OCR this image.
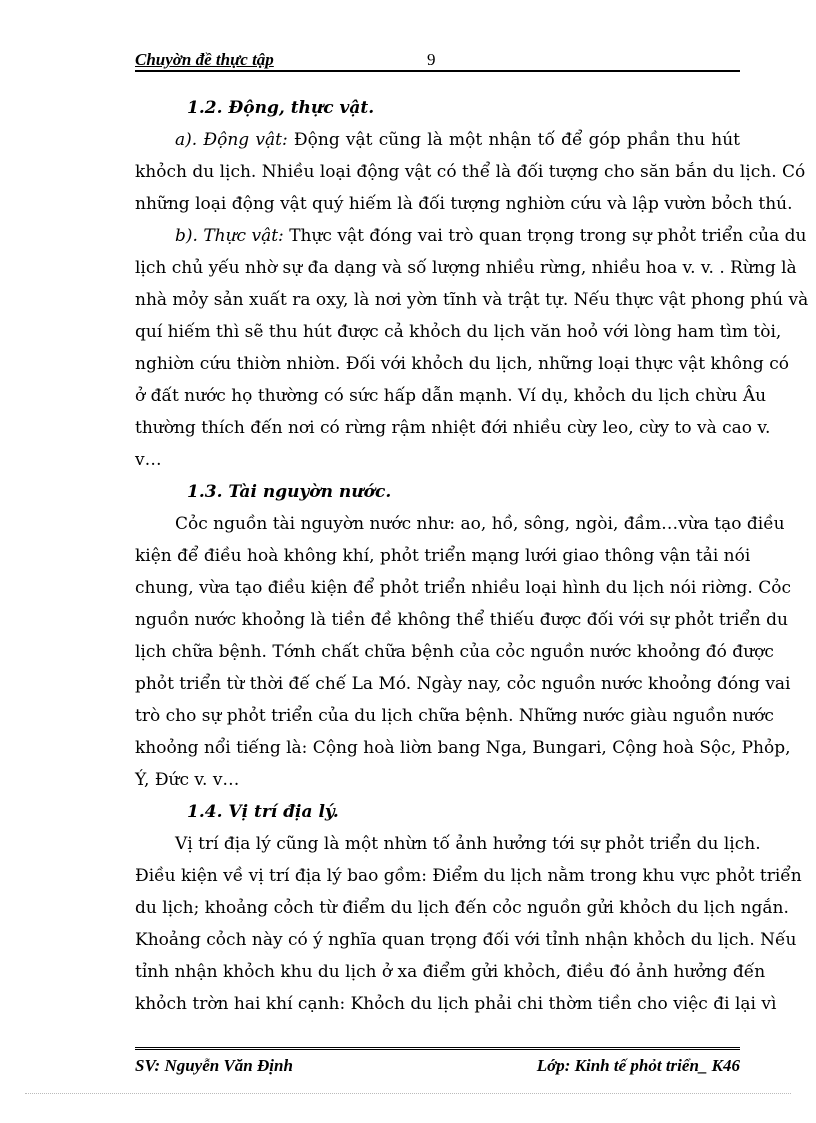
Chuyờn đề thực tập	9
1.2. Động, thực vật.
a). Động vật: Động vật cũng là một nhận tố để góp phần thu hút
khỏch du lịch. Nhiều loại động vật có thể là đối tượng cho săn bắn du lịch. Có
những loại động vật quý hiếm là đối tượng nghiờn cứu và lập vườn bỏch thú.
b). Thực vật: Thực vật đóng vai trò quan trọng trong sự phỏt triển của du
lịch chủ yếu nhờ sự đa dạng và số lượng nhiều rừng, nhiều hoa v. v. . Rừng là
nhà mỏy sản xuất ra oxy, là nơi yờn tĩnh và trật tự. Nếu thực vật phong phú và
quí hiếm thì sẽ thu hút được cả khỏch du lịch văn hoỏ với lòng ham tìm tòi,
nghiờn cứu thiờn nhiờn. Đối với khỏch du lịch, những loại thực vật không có
ở đất nước họ thường có sức hấp dẫn mạnh. Ví dụ, khỏch du lịch chừu Âu
thường thích đến nơi có rừng rậm nhiệt đới nhiều cừy leo, cừy to và cao v.
v…
1.3. Tài nguyờn nước.
Cỏc nguồn tài nguyờn nước như: ao, hồ, sông, ngòi, đầm…vừa tạo điều
kiện để điều hoà không khí, phỏt triển mạng lưới giao thông vận tải nói
chung, vừa tạo điều kiện để phỏt triển nhiều loại hình du lịch nói riờng. Cỏc
nguồn nước khoỏng là tiền đề không thể thiếu được đối với sự phỏt triển du
lịch chữa bệnh. Tớnh chất chữa bệnh của cỏc nguồn nước khoỏng đó được
phỏt triển từ thời đế chế La Mó. Ngày nay, cỏc nguồn nước khoỏng đóng vai
trò cho sự phỏt triển của du lịch chữa bệnh. Những nước giàu nguồn nước
khoỏng nổi tiếng là: Cộng hoà liờn bang Nga, Bungari, Cộng hoà Sộc, Phỏp,
Ý, Đức v. v…
1.4. Vị trí địa lý.
Vị trí địa lý cũng là một nhừn tố ảnh hưởng tới sự phỏt triển du lịch.
Điều kiện về vị trí địa lý bao gồm: Điểm du lịch nằm trong khu vực phỏt triển
du lịch; khoảng cỏch từ điểm du lịch đến cỏc nguồn gửi khỏch du lịch ngắn.
Khoảng cỏch này có ý nghĩa quan trọng đối với tỉnh nhận khỏch du lịch. Nếu
tỉnh nhận khỏch khu du lịch ở xa điểm gửi khỏch, điều đó ảnh hưởng đến
khỏch trờn hai khí cạnh: Khỏch du lịch phải chi thờm tiền cho việc đi lại vì
SV: Nguyễn Văn Định	Lớp: Kinh tế phỏt triển_ K46
